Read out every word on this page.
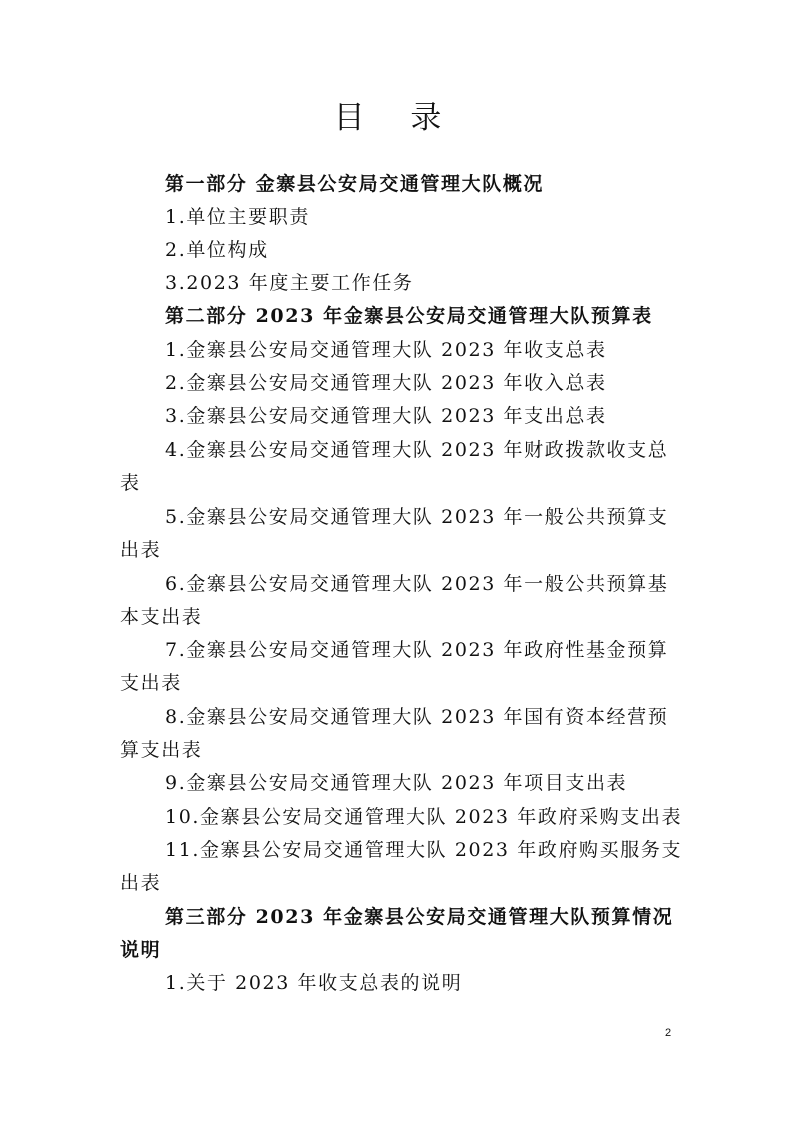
目 录
第一部分 金寨县公安局交通管理大队概况
1.单位主要职责
2.单位构成
3.2023 年度主要工作任务
第二部分 2023 年金寨县公安局交通管理大队预算表
1.金寨县公安局交通管理大队 2023 年收支总表
2.金寨县公安局交通管理大队 2023 年收入总表
3.金寨县公安局交通管理大队 2023 年支出总表
4.金寨县公安局交通管理大队 2023 年财政拨款收支总
表
5.金寨县公安局交通管理大队 2023 年一般公共预算支
出表
6.金寨县公安局交通管理大队 2023 年一般公共预算基
本支出表
7.金寨县公安局交通管理大队 2023 年政府性基金预算
支出表
8.金寨县公安局交通管理大队 2023 年国有资本经营预
算支出表
9.金寨县公安局交通管理大队 2023 年项目支出表
10.金寨县公安局交通管理大队 2023 年政府采购支出表
11.金寨县公安局交通管理大队 2023 年政府购买服务支
出表
第三部分 2023 年金寨县公安局交通管理大队预算情况
说明
1.关于 2023 年收支总表的说明
2
